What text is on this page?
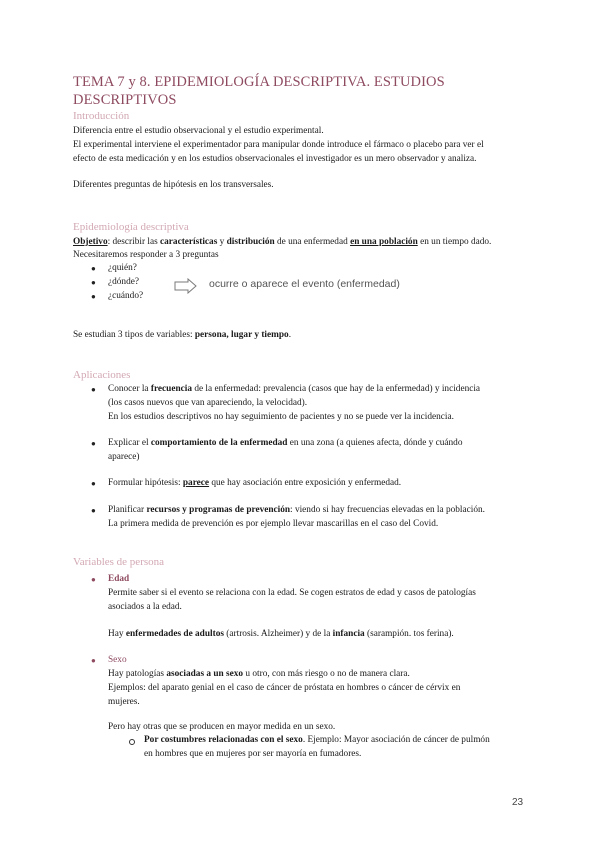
TEMA 7 y 8. EPIDEMIOLOGÍA DESCRIPTIVA. ESTUDIOS
DESCRIPTIVOS
Introducción
Diferencia entre el estudio observacional y el estudio experimental.
El experimental interviene el experimentador para manipular donde introduce el fármaco o placebo para ver el
efecto de esta medicación y en los estudios observacionales el investigador es un mero observador y analiza.
Diferentes preguntas de hipótesis en los transversales.
Epidemiología descriptiva
Objetivo: describir las características y distribución de una enfermedad en una población en un tiempo dado.
Necesitaremos responder a 3 preguntas
● ¿quién?
● ¿dónde?
● ¿cuándo?
ocurre o aparece el evento (enfermedad)
Se estudian 3 tipos de variables: persona, lugar y tiempo.
Aplicaciones
● Conocer la frecuencia de la enfermedad: prevalencia (casos que hay de la enfermedad) y incidencia
(los casos nuevos que van apareciendo, la velocidad).
En los estudios descriptivos no hay seguimiento de pacientes y no se puede ver la incidencia.
● Explicar el comportamiento de la enfermedad en una zona (a quienes afecta, dónde y cuándo
aparece)
● Formular hipótesis: parece que hay asociación entre exposición y enfermedad.
● Planificar recursos y programas de prevención: viendo si hay frecuencias elevadas en la población.
La primera medida de prevención es por ejemplo llevar mascarillas en el caso del Covid.
Variables de persona
● Edad
Permite saber si el evento se relaciona con la edad. Se cogen estratos de edad y casos de patologías
asociados a la edad.
Hay enfermedades de adultos (artrosis. Alzheimer) y de la infancia (sarampión. tos ferina).
● Sexo
Hay patologías asociadas a un sexo u otro, con más riesgo o no de manera clara.
Ejemplos: del aparato genial en el caso de cáncer de próstata en hombres o cáncer de cérvix en
mujeres.
Pero hay otras que se producen en mayor medida en un sexo.
Por costumbres relacionadas con el sexo. Ejemplo: Mayor asociación de cáncer de pulmón
en hombres que en mujeres por ser mayoría en fumadores.
23
